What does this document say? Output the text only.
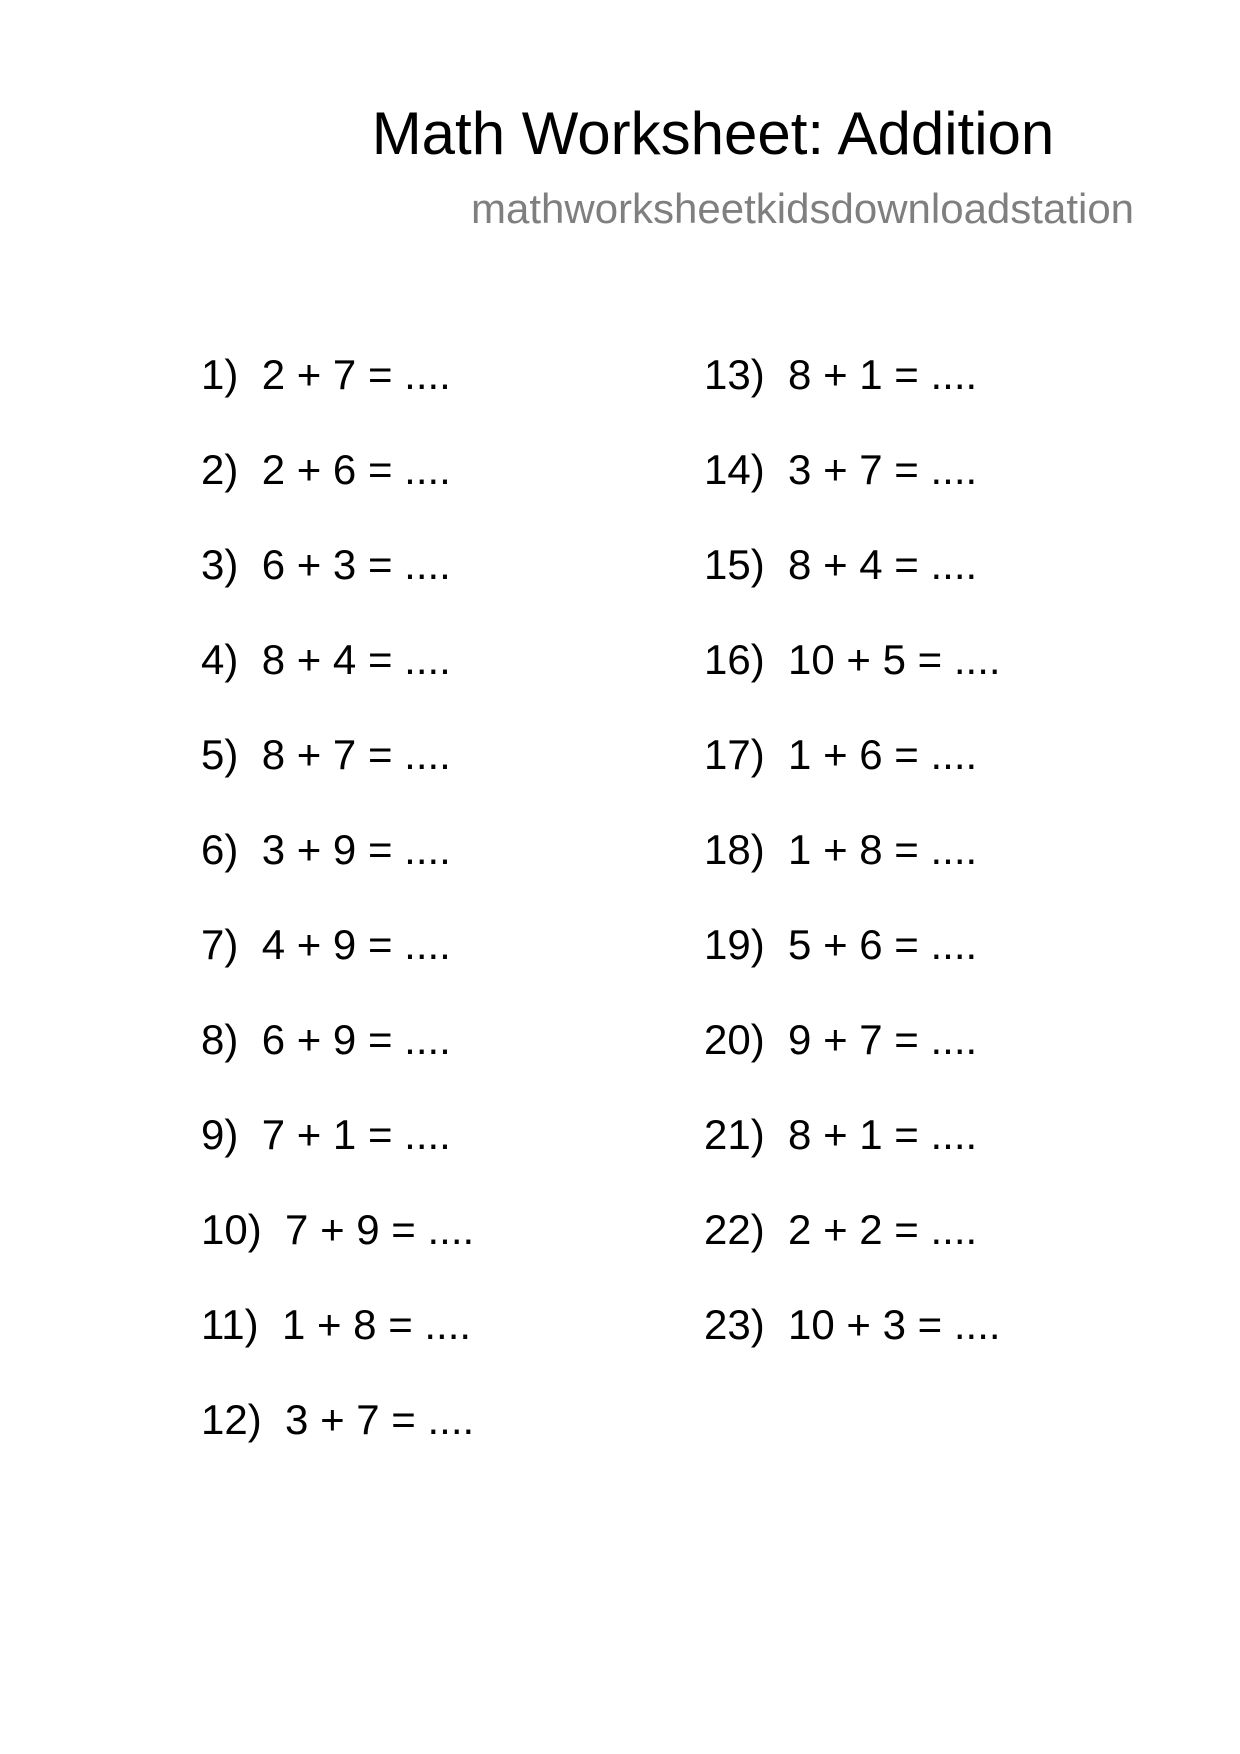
Math Worksheet: Addition
mathworksheetkidsdownloadstation
1) 2 + 7 = ....
2) 2 + 6 = ....
3) 6 + 3 = ....
4) 8 + 4 = ....
5) 8 + 7 = ....
6) 3 + 9 = ....
7) 4 + 9 = ....
8) 6 + 9 = ....
9) 7 + 1 = ....
10) 7 + 9 = ....
11) 1 + 8 = ....
12) 3 + 7 = ....
13) 8 + 1 = ....
14) 3 + 7 = ....
15) 8 + 4 = ....
16) 10 + 5 = ....
17) 1 + 6 = ....
18) 1 + 8 = ....
19) 5 + 6 = ....
20) 9 + 7 = ....
21) 8 + 1 = ....
22) 2 + 2 = ....
23) 10 + 3 = ....
